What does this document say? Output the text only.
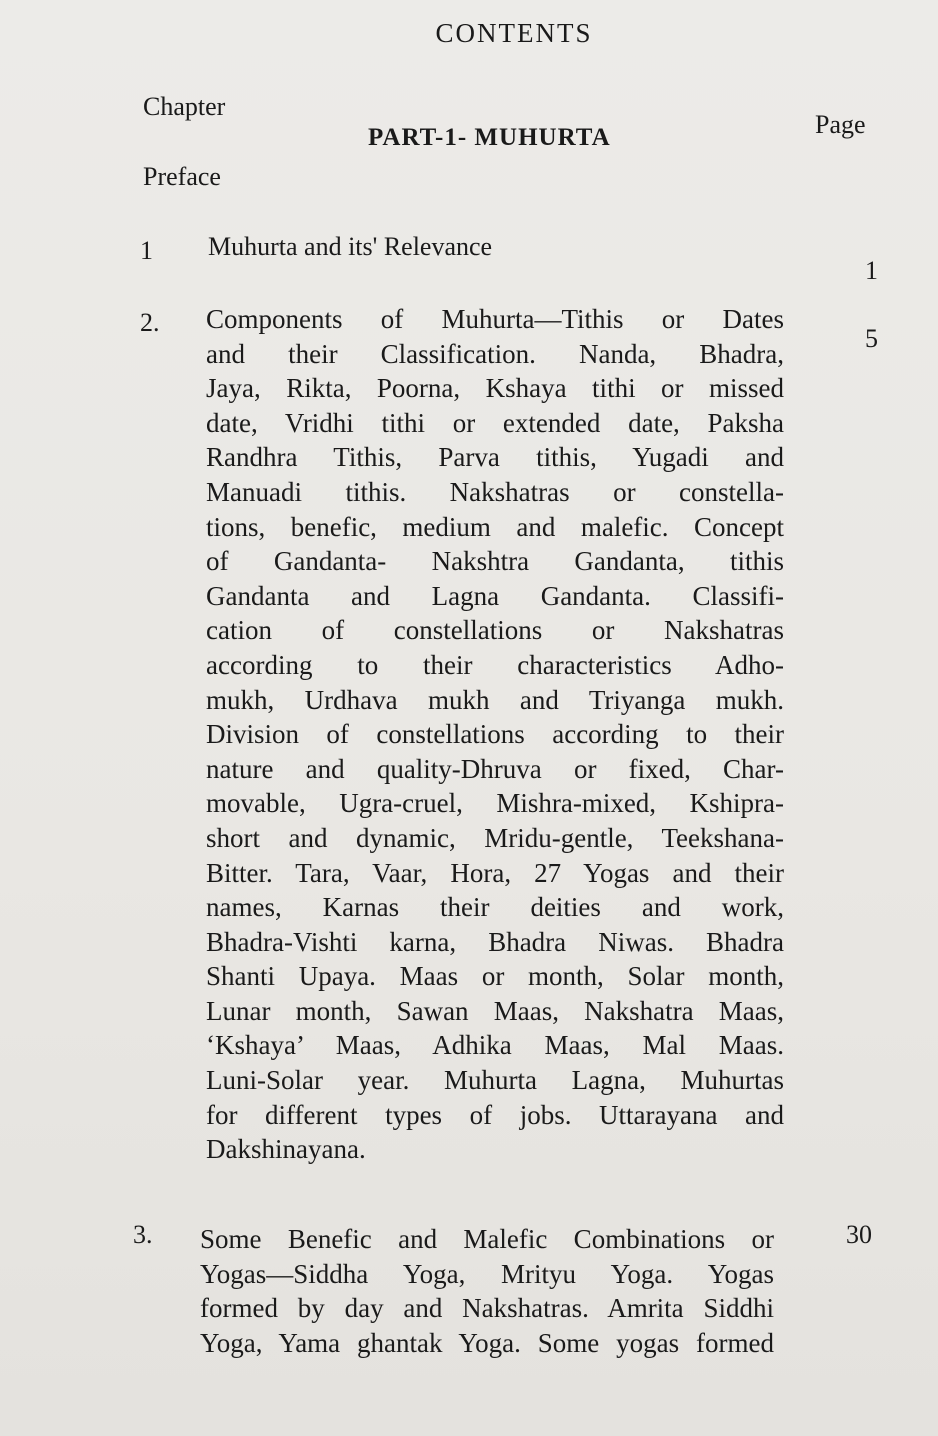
CONTENTS
Chapter
PART-1- MUHURTA	Page
Preface
1 Muhurta and its' Relevance
1
2.
5
Components of Muhurta—Tithis or Dates
and their Classification. Nanda, Bhadra,
Jaya, Rikta, Poorna, Kshaya tithi or missed
date, Vridhi tithi or extended date, Paksha
Randhra Tithis, Parva tithis, Yugadi and
Manuadi tithis. Nakshatras or constella-
tions, benefic, medium and malefic. Concept
of Gandanta- Nakshtra Gandanta, tithis
Gandanta and Lagna Gandanta. Classifi-
cation of constellations or Nakshatras
according to their characteristics Adho-
mukh, Urdhava mukh and Triyanga mukh.
Division of constellations according to their
nature and quality-Dhruva or fixed, Char-
movable, Ugra-cruel, Mishra-mixed, Kshipra-
short and dynamic, Mridu-gentle, Teekshana-
Bitter. Tara, Vaar, Hora, 27 Yogas and their
names, Karnas their deities and work,
Bhadra-Vishti karna, Bhadra Niwas. Bhadra
Shanti Upaya. Maas or month, Solar month,
Lunar month, Sawan Maas, Nakshatra Maas,
‘Kshaya’ Maas, Adhika Maas, Mal Maas.
Luni-Solar year. Muhurta Lagna, Muhurtas
for different types of jobs. Uttarayana and
Dakshinayana.
3.	30
Some Benefic and Malefic Combinations or
Yogas—Siddha Yoga, Mrityu Yoga. Yogas
formed by day and Nakshatras. Amrita Siddhi
Yoga, Yama ghantak Yoga. Some yogas formed
